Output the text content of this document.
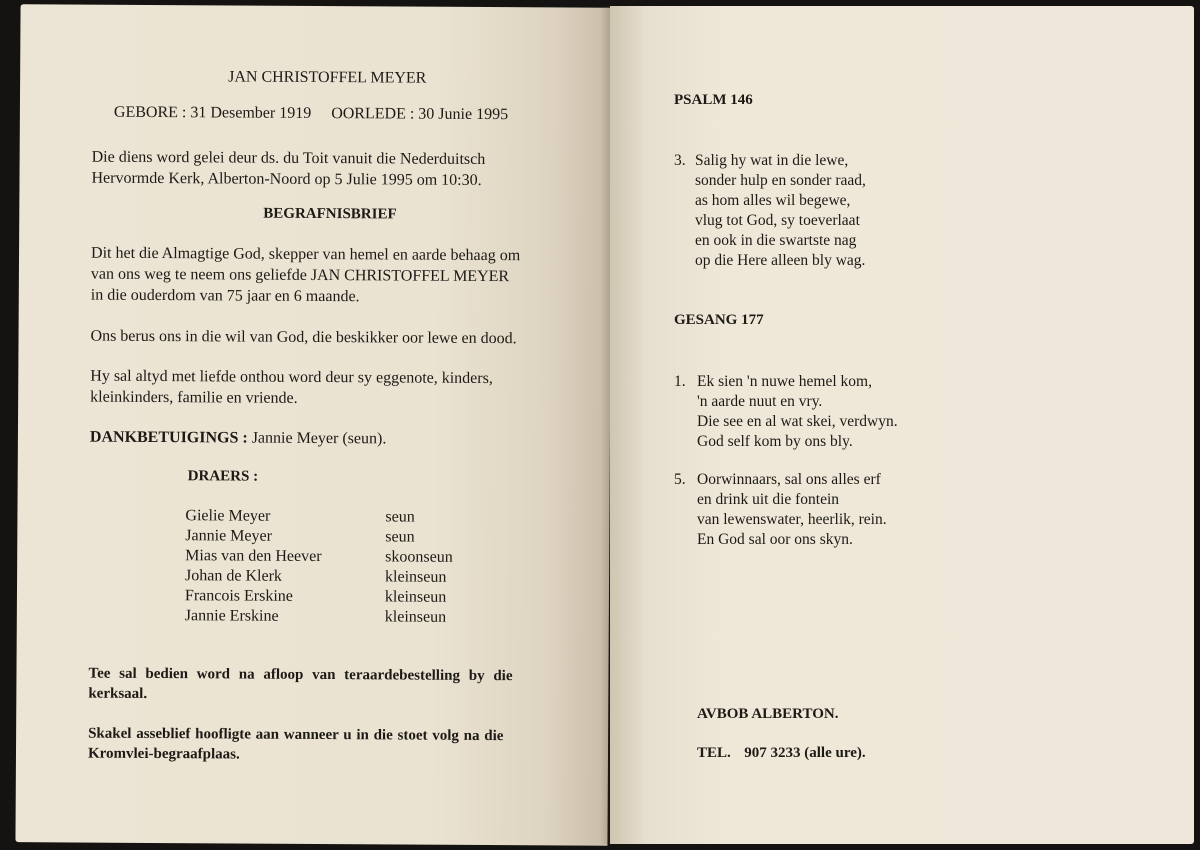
JAN CHRISTOFFEL MEYER
GEBORE : 31 Desember 1919 OORLEDE : 30 Junie 1995
Die diens word gelei deur ds. du Toit vanuit die Nederduitsch
Hervormde Kerk, Alberton-Noord op 5 Julie 1995 om 10:30.
BEGRAFNISBRIEF
Dit het die Almagtige God, skepper van hemel en aarde behaag om
van ons weg te neem ons geliefde JAN CHRISTOFFEL MEYER
in die ouderdom van 75 jaar en 6 maande.
Ons berus ons in die wil van God, die beskikker oor lewe en dood.
Hy sal altyd met liefde onthou word deur sy eggenote, kinders,
kleinkinders, familie en vriende.
DANKBETUIGINGS : Jannie Meyer (seun).
DRAERS :
Gielie Meyer	seun
Jannie Meyer	seun
Mias van den Heever	skoonseun
Johan de Klerk	kleinseun
Francois Erskine	kleinseun
Jannie Erskine	kleinseun
Tee sal bedien word na afloop van teraardebestelling by die
kerksaal.
Skakel asseblief hoofligte aan wanneer u in die stoet volg na die
Kromvlei-begraafplaas.
PSALM 146
3. Salig hy wat in die lewe,
sonder hulp en sonder raad,
as hom alles wil begewe,
vlug tot God, sy toeverlaat
en ook in die swartste nag
op die Here alleen bly wag.
GESANG 177
1. Ek sien 'n nuwe hemel kom,
'n aarde nuut en vry.
Die see en al wat skei, verdwyn.
God self kom by ons bly.
5. Oorwinnaars, sal ons alles erf
en drink uit die fontein
van lewenswater, heerlik, rein.
En God sal oor ons skyn.
AVBOB ALBERTON.
TEL. 907 3233 (alle ure).
